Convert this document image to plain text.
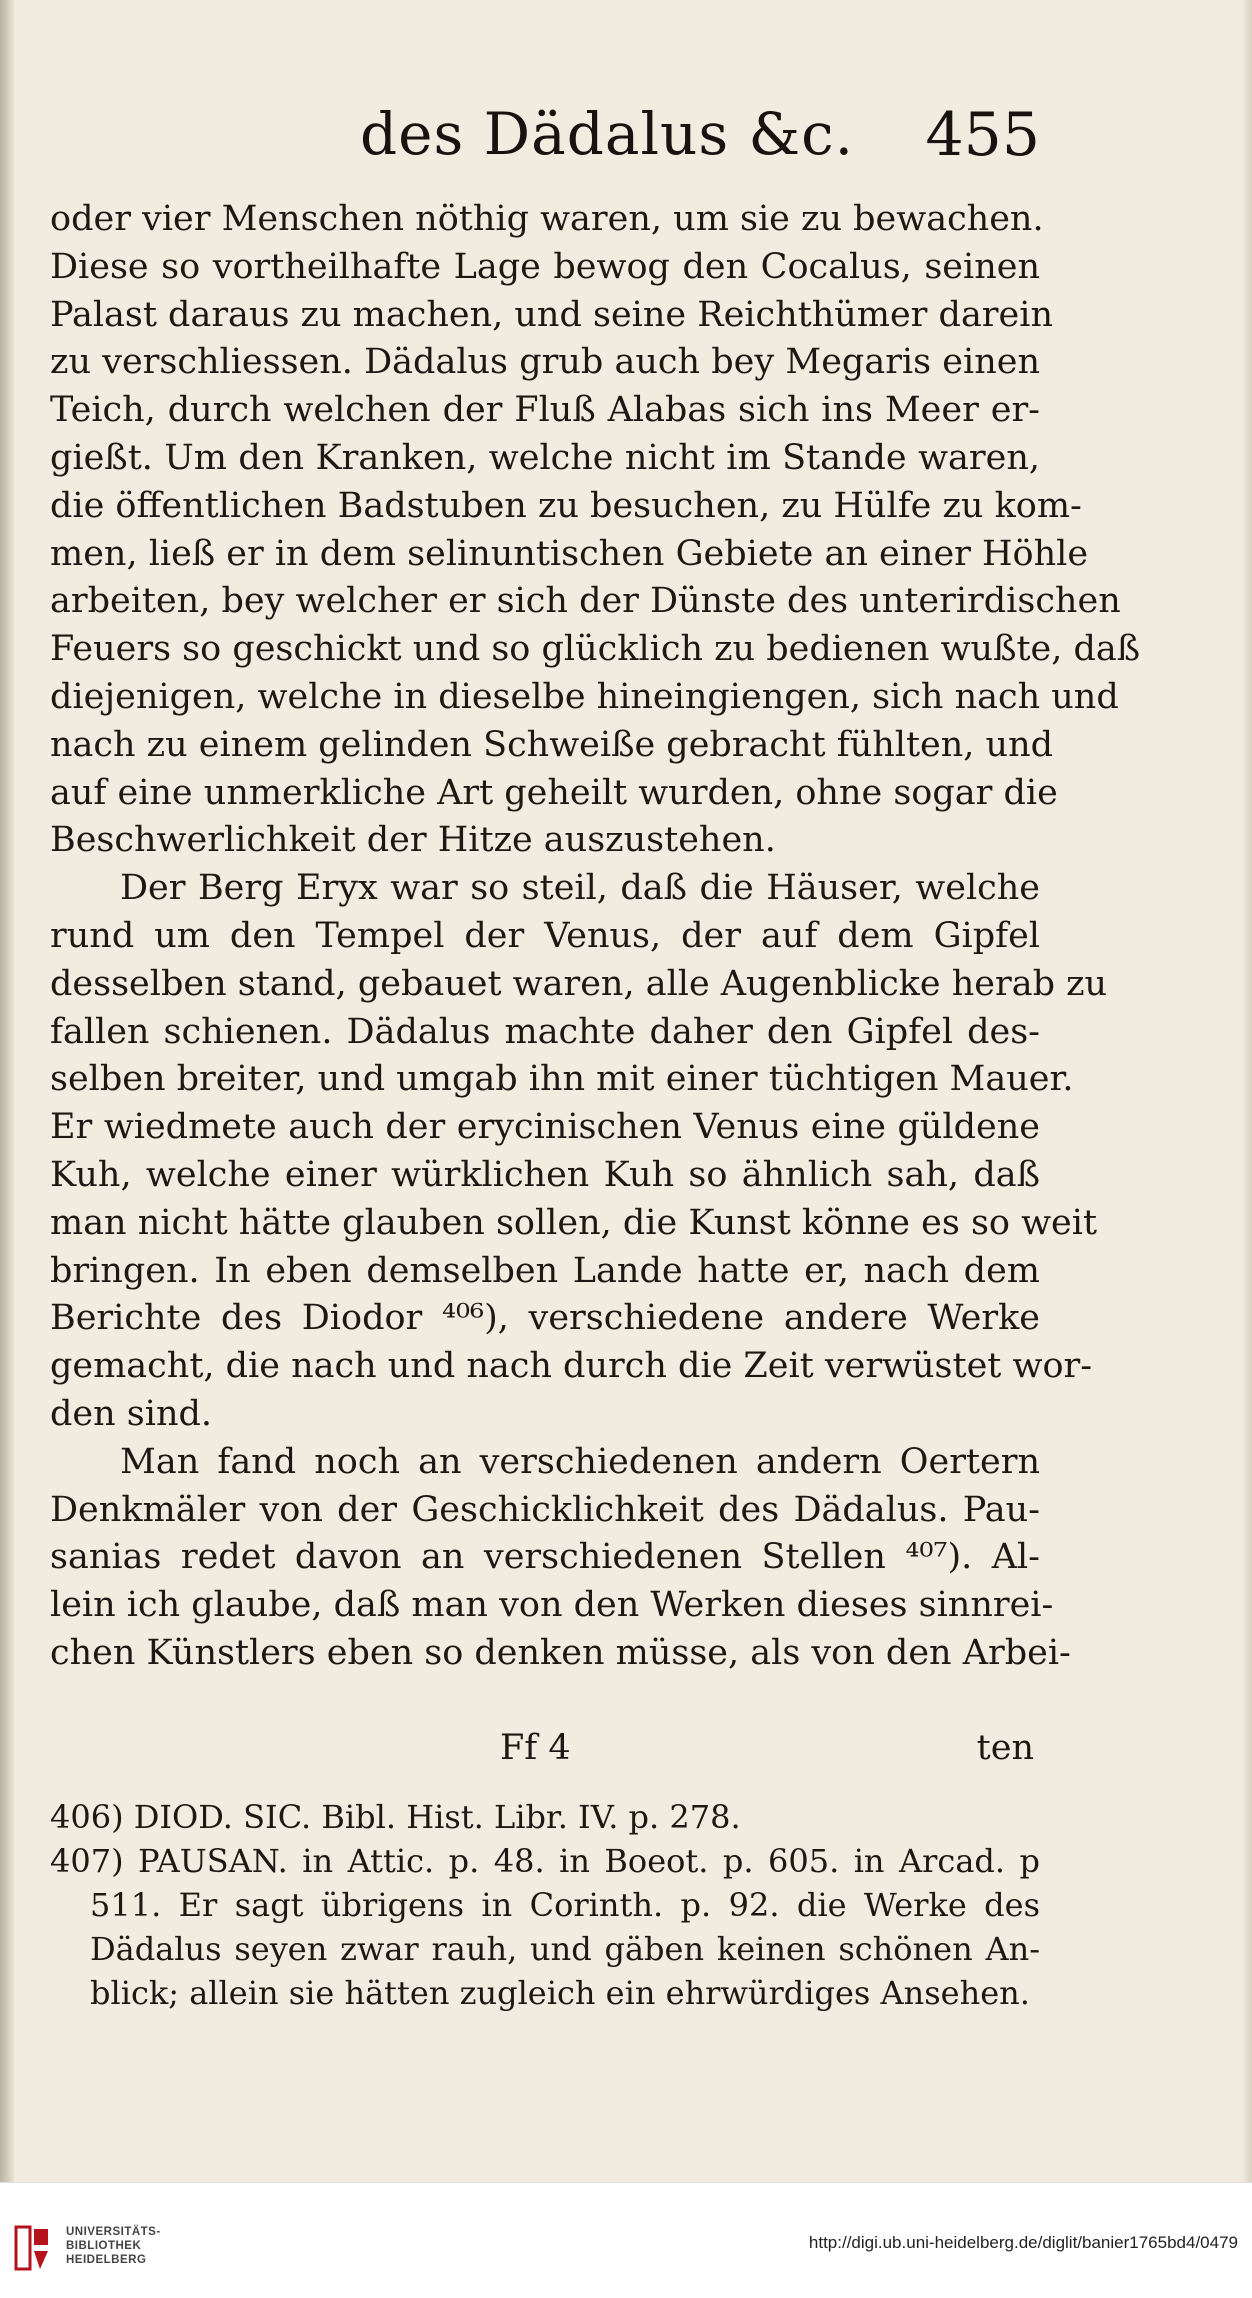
des Dädalus &c. 455
oder vier Menschen nöthig waren, um sie zu bewachen.
Diese so vortheilhafte Lage bewog den Cocalus, seinen
Palast daraus zu machen, und seine Reichthümer darein
zu verschliessen. Dädalus grub auch bey Megaris einen
Teich, durch welchen der Fluß Alabas sich ins Meer er-
gießt. Um den Kranken, welche nicht im Stande waren,
die öffentlichen Badstuben zu besuchen, zu Hülfe zu kom-
men, ließ er in dem selinuntischen Gebiete an einer Höhle
arbeiten, bey welcher er sich der Dünste des unterirdischen
Feuers so geschickt und so glücklich zu bedienen wußte, daß
diejenigen, welche in dieselbe hineingiengen, sich nach und
nach zu einem gelinden Schweiße gebracht fühlten, und
auf eine unmerkliche Art geheilt wurden, ohne sogar die
Beschwerlichkeit der Hitze auszustehen.
Der Berg Eryx war so steil, daß die Häuser, welche
rund um den Tempel der Venus, der auf dem Gipfel
desselben stand, gebauet waren, alle Augenblicke herab zu
fallen schienen. Dädalus machte daher den Gipfel des-
selben breiter, und umgab ihn mit einer tüchtigen Mauer.
Er wiedmete auch der erycinischen Venus eine güldene
Kuh, welche einer würklichen Kuh so ähnlich sah, daß
man nicht hätte glauben sollen, die Kunst könne es so weit
bringen. In eben demselben Lande hatte er, nach dem
Berichte des Diodor ⁴⁰⁶), verschiedene andere Werke
gemacht, die nach und nach durch die Zeit verwüstet wor-
den sind.
Man fand noch an verschiedenen andern Oertern
Denkmäler von der Geschicklichkeit des Dädalus. Pau-
sanias redet davon an verschiedenen Stellen ⁴⁰⁷). Al-
lein ich glaube, daß man von den Werken dieses sinnrei-
chen Künstlers eben so denken müsse, als von den Arbei-
Ff 4	ten
406) DIOD. SIC. Bibl. Hist. Libr. IV. p. 278.
407) PAUSAN. in Attic. p. 48. in Boeot. p. 605. in Arcad. p
511. Er sagt übrigens in Corinth. p. 92. die Werke des
Dädalus seyen zwar rauh, und gäben keinen schönen An-
blick; allein sie hätten zugleich ein ehrwürdiges Ansehen.
UNIVERSITÄTS-
BIBLIOTHEK
HEIDELBERG
http://digi.ub.uni-heidelberg.de/diglit/banier1765bd4/0479
